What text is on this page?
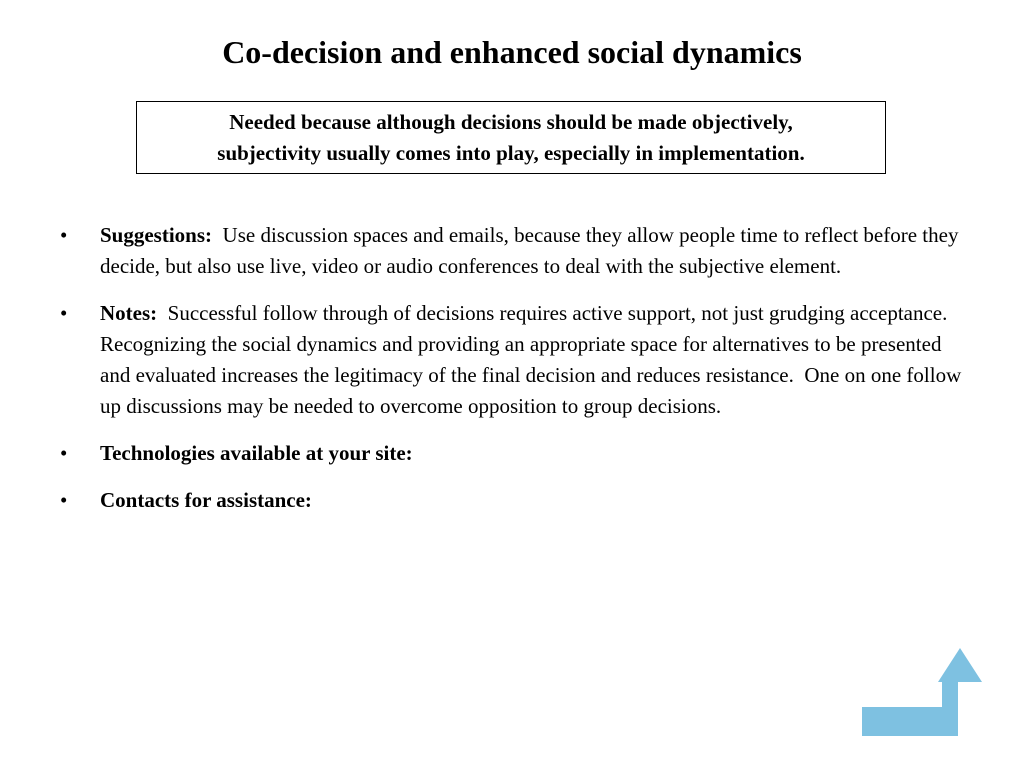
Co-decision and enhanced social dynamics
Needed because although decisions should be made objectively,
subjectivity usually comes into play, especially in implementation.
• Suggestions:  Use discussion spaces and emails, because they allow people time to reflect before they decide, but also use live, video or audio conferences to deal with the subjective element.
• Notes:  Successful follow through of decisions requires active support, not just grudging acceptance.  Recognizing the social dynamics and providing an appropriate space for alternatives to be presented  and evaluated increases the legitimacy of the final decision and reduces resistance.  One on one follow up discussions may be needed to overcome opposition to group decisions.
• Technologies available at your site:
• Contacts for assistance:
